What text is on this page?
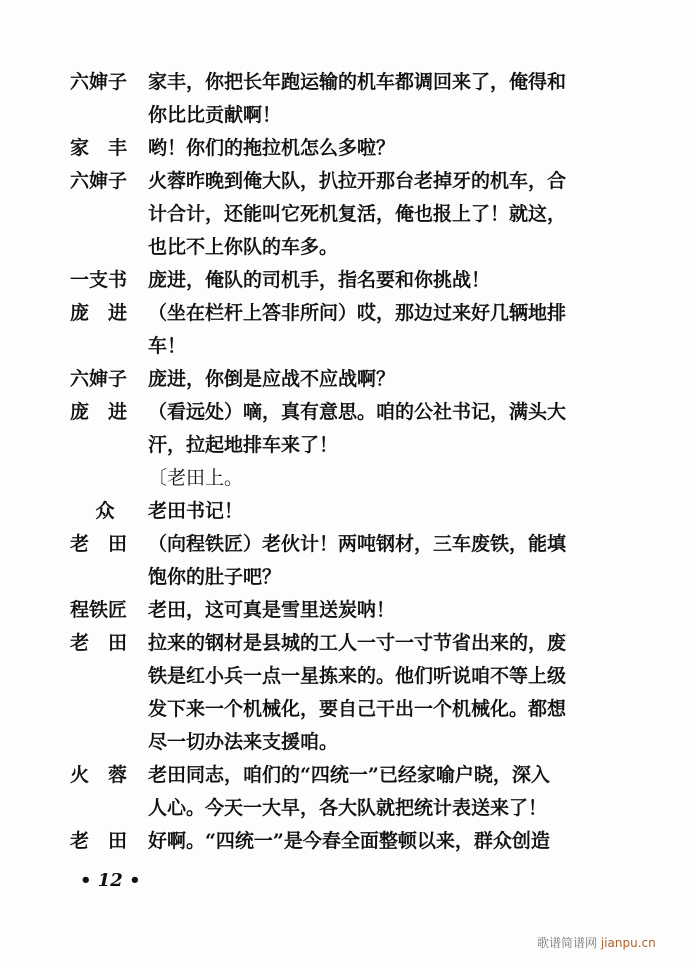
六婶子	家丰，你把长年跑运输的机车都调回来了，俺得和
你比比贡献啊！
家　丰	哟！你们的拖拉机怎么多啦？
六婶子	火蓉昨晚到俺大队，扒拉开那台老掉牙的机车，合
计合计，还能叫它死机复活，俺也报上了！就这，
也比不上你队的车多。
一支书	庞进，俺队的司机手，指名要和你挑战！
庞　进	（坐在栏杆上答非所问）哎，那边过来好几辆地排
车！
六婶子	庞进，你倒是应战不应战啊？
庞　进	（看远处）嘀，真有意思。咱的公社书记，满头大
汗，拉起地排车来了！
〔老田上。
众	老田书记！
老　田	（向程铁匠）老伙计！两吨钢材，三车废铁，能填
饱你的肚子吧？
程铁匠	老田，这可真是雪里送炭呐！
老　田	拉来的钢材是县城的工人一寸一寸节省出来的，废
铁是红小兵一点一星拣来的。他们听说咱不等上级
发下来一个机械化，要自己干出一个机械化。都想
尽一切办法来支援咱。
火　蓉	老田同志，咱们的“四统一”已经家喻户晓，深入
人心。今天一大早，各大队就把统计表送来了！
老　田	好啊。“四统一”是今春全面整顿以来，群众创造
• 12 •
歌谱简谱网 jianpu.cn
